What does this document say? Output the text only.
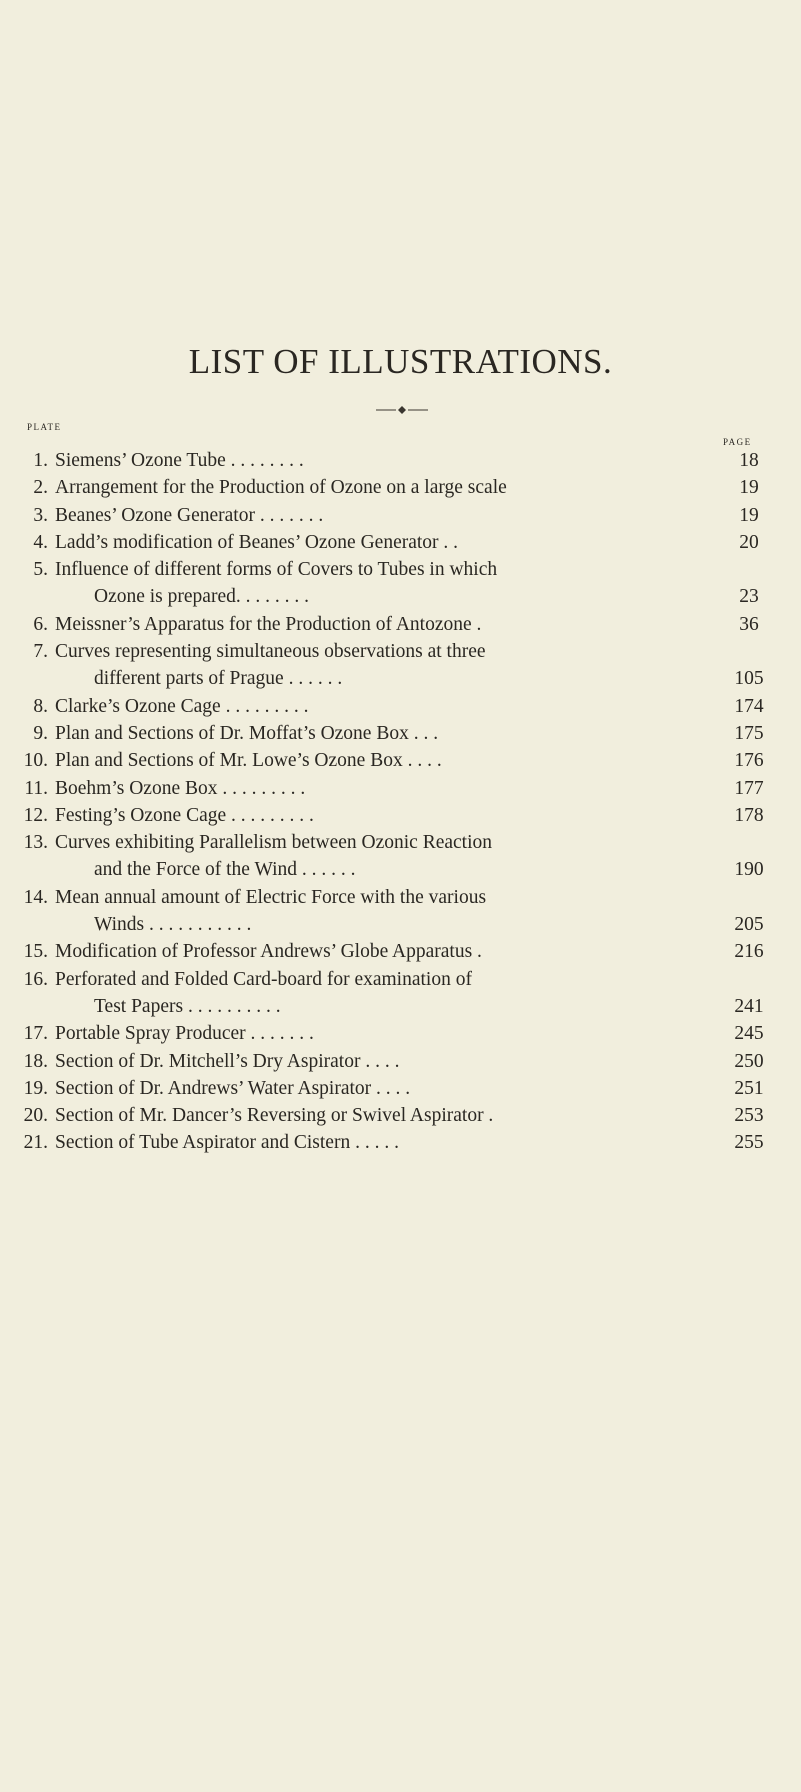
LIST OF ILLUSTRATIONS.
plate
page
1. Siemens’ Ozone Tube . . . . . . . .	18
2. Arrangement for the Production of Ozone on a large scale	19
3. Beanes’ Ozone Generator . . . . . . .	19
4. Ladd’s modification of Beanes’ Ozone Generator . .	20
5. Influence of different forms of Covers to Tubes in which
Ozone is prepared. . . . . . . .	23
6. Meissner’s Apparatus for the Production of Antozone .	36
7. Curves representing simultaneous observations at three
different parts of Prague . . . . . .	105
8. Clarke’s Ozone Cage . . . . . . . . .	174
9. Plan and Sections of Dr. Moffat’s Ozone Box . . .	175
10. Plan and Sections of Mr. Lowe’s Ozone Box . . . .	176
11. Boehm’s Ozone Box . . . . . . . . .	177
12. Festing’s Ozone Cage . . . . . . . . .	178
13. Curves exhibiting Parallelism between Ozonic Reaction
and the Force of the Wind . . . . . .	190
14. Mean annual amount of Electric Force with the various
Winds . . . . . . . . . . .	205
15. Modification of Professor Andrews’ Globe Apparatus .	216
16. Perforated and Folded Card-board for examination of
Test Papers . . . . . . . . . .	241
17. Portable Spray Producer . . . . . . .	245
18. Section of Dr. Mitchell’s Dry Aspirator . . . .	250
19. Section of Dr. Andrews’ Water Aspirator . . . .	251
20. Section of Mr. Dancer’s Reversing or Swivel Aspirator .	253
21. Section of Tube Aspirator and Cistern . . . . .	255
